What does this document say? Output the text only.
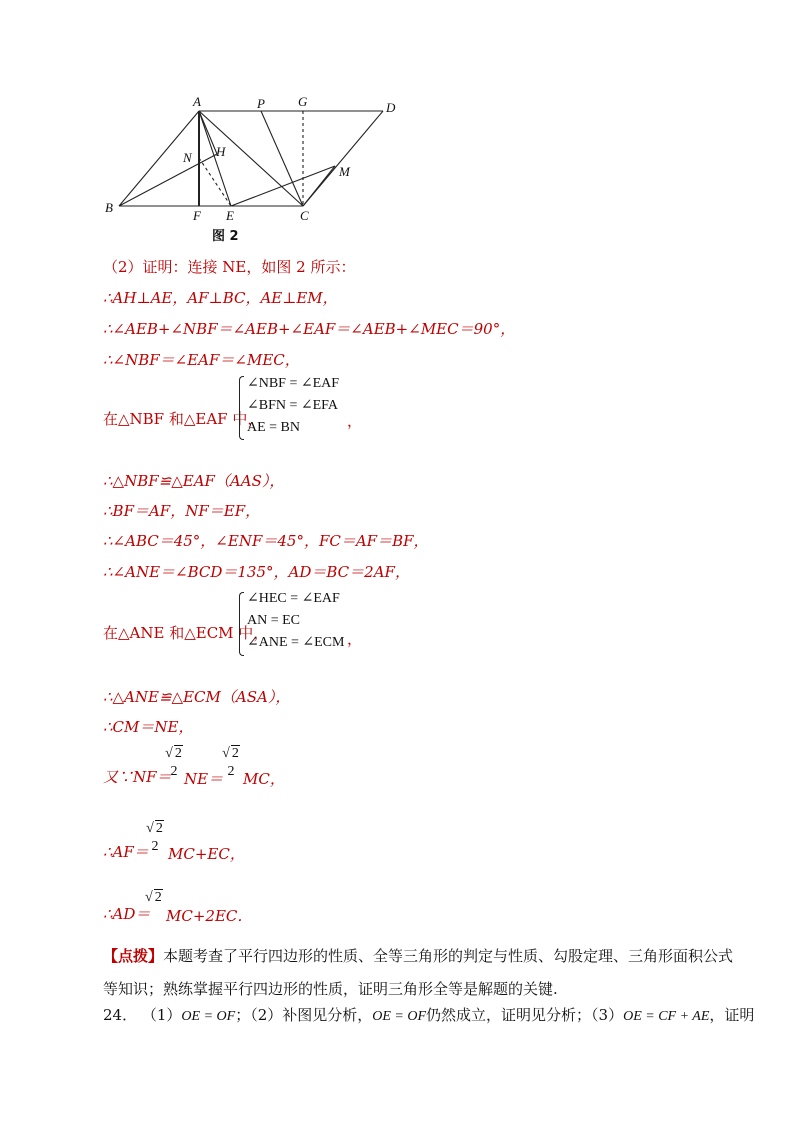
A	P	G	D
N H
M
B
F E	C
图 2
（2）证明：连接 NE，如图 2 所示：
∴AH⊥AE，AF⊥BC，AE⊥EM，
∴∠AEB+∠NBF＝∠AEB+∠EAF＝∠AEB+∠MEC＝90°，
∴∠NBF＝∠EAF＝∠MEC，
在△NBF 和△EAF 中，
∠NBF = ∠EAF
∠BFN = ∠EFA
AE = BN	，
∴△NBF≌△EAF（AAS），
∴BF＝AF，NF＝EF，
∴∠ABC＝45°，∠ENF＝45°，FC＝AF＝BF，
∴∠ANE＝∠BCD＝135°，AD＝BC＝2AF，
在△ANE 和△ECM 中，
∠HEC = ∠EAF
AN = EC
∠ANE = ∠ECM ，
∴△ANE≌△ECM（ASA），
∴CM＝NE，
又∵NF＝
√ 2
2 NE＝
√ 2
2 MC，
∴AF＝
√ 2
2 MC+EC，
∴AD＝
√ 2
MC+2EC．
【点拨】本题考查了平行四边形的性质、全等三角形的判定与性质、勾股定理、三角形面积公式等知识；熟练掌握平行四边形的性质，证明三角形全等是解题的关键.
24． （1）OE = OF；（2）补图见分析，OE = OF仍然成立，证明见分析；（3）OE = CF + AE，证明
